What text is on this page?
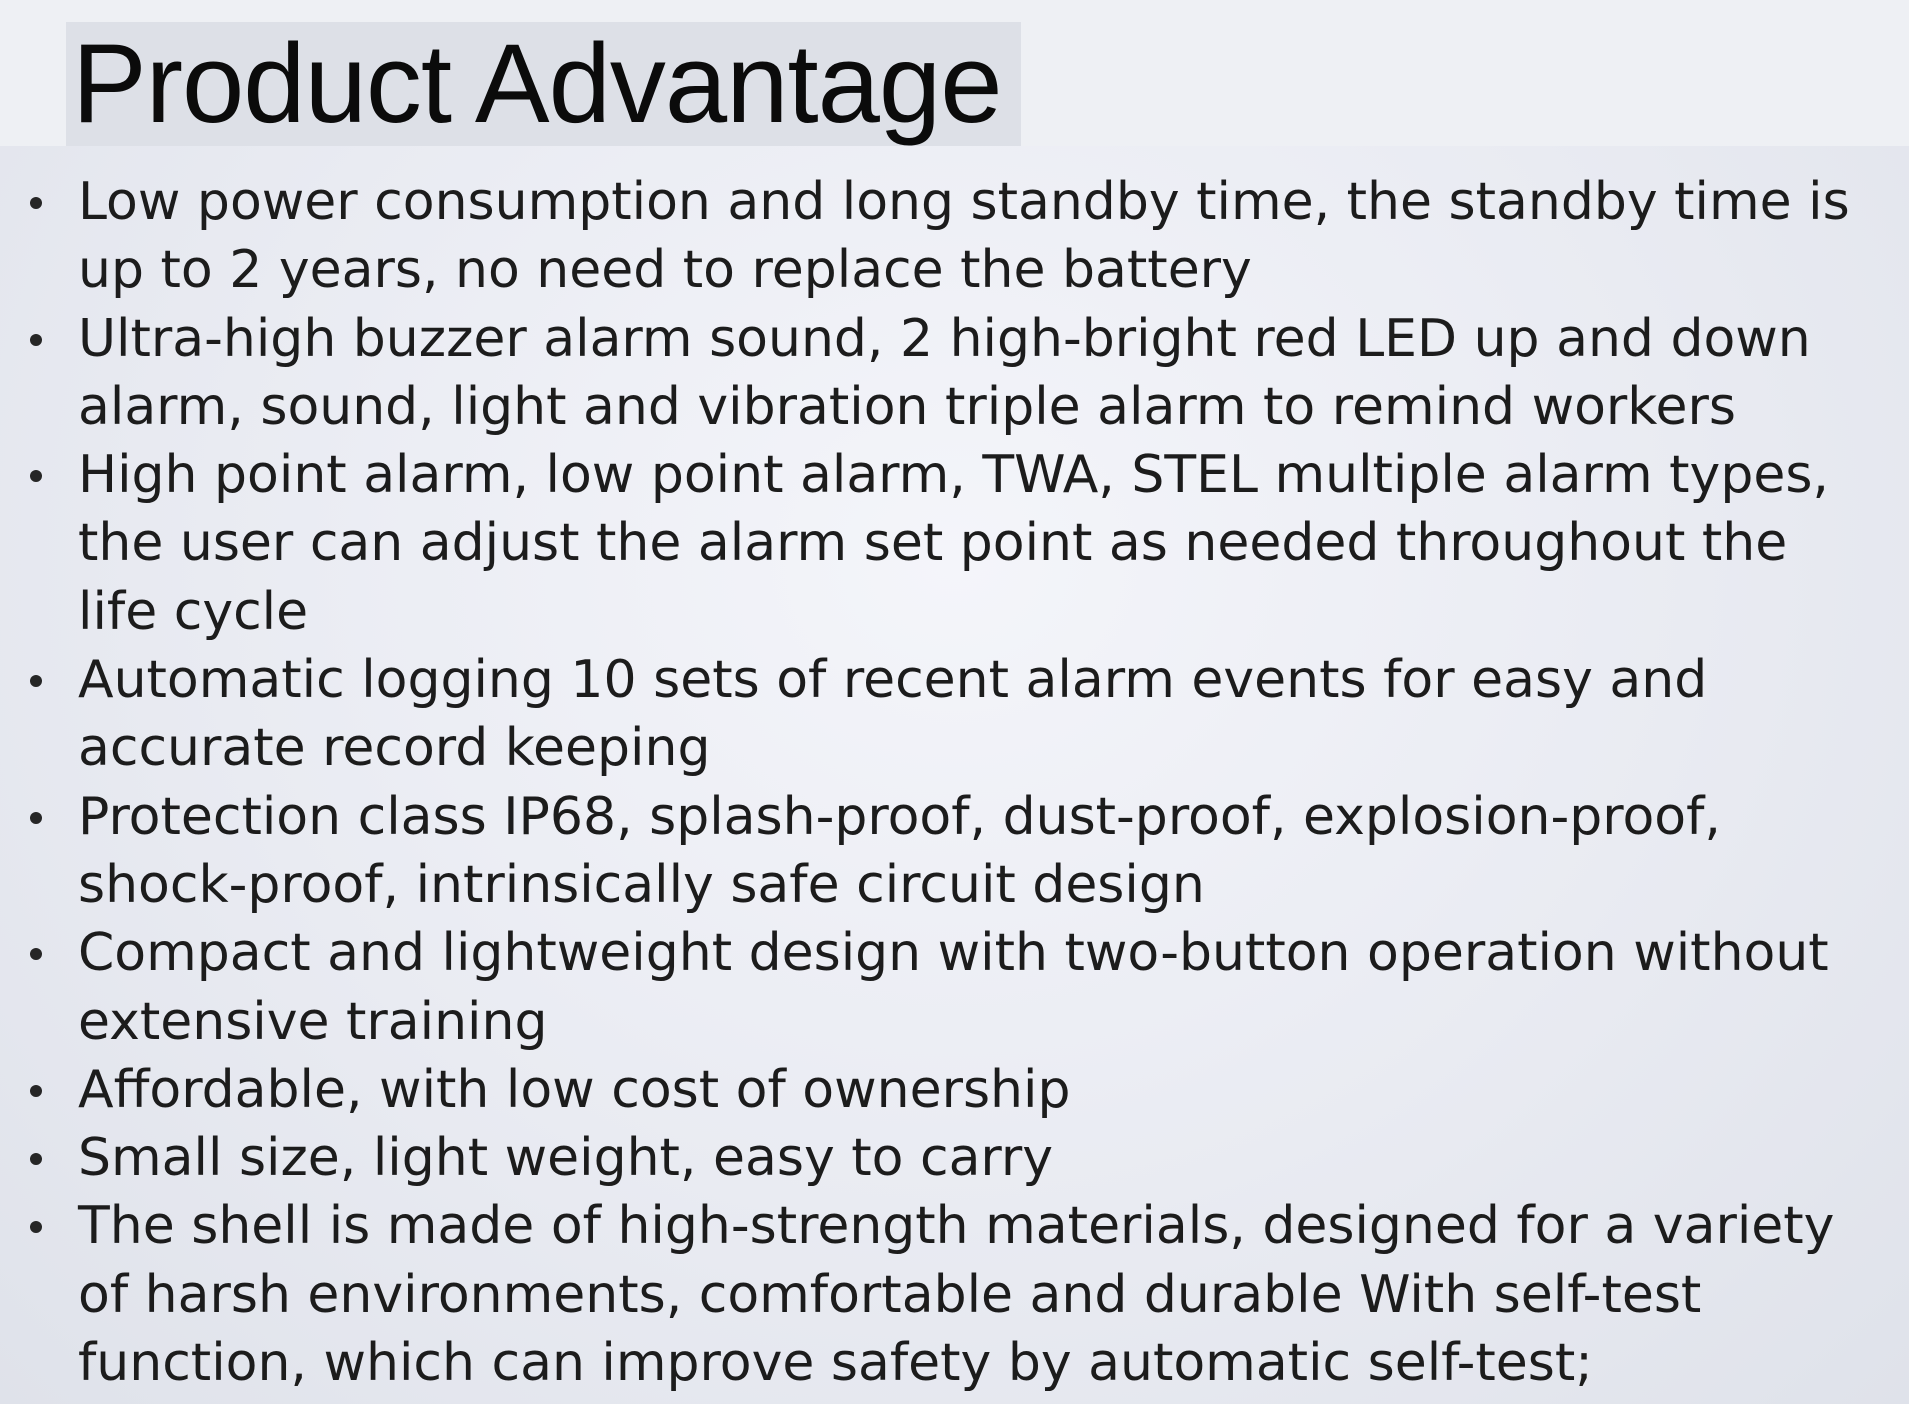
Product Advantage
Low power consumption and long standby time, the standby time is
up to 2 years, no need to replace the battery
Ultra-high buzzer alarm sound, 2 high-bright red LED up and down
alarm, sound, light and vibration triple alarm to remind workers
High point alarm, low point alarm, TWA, STEL multiple alarm types,
the user can adjust the alarm set point as needed throughout the
life cycle
Automatic logging 10 sets of recent alarm events for easy and
accurate record keeping
Protection class IP68, splash-proof, dust-proof, explosion-proof,
shock-proof, intrinsically safe circuit design
Compact and lightweight design with two-button operation without
extensive training
Affordable, with low cost of ownership
Small size, light weight, easy to carry
The shell is made of high-strength materials, designed for a variety
of harsh environments, comfortable and durable With self-test
function, which can improve safety by automatic self-test;
